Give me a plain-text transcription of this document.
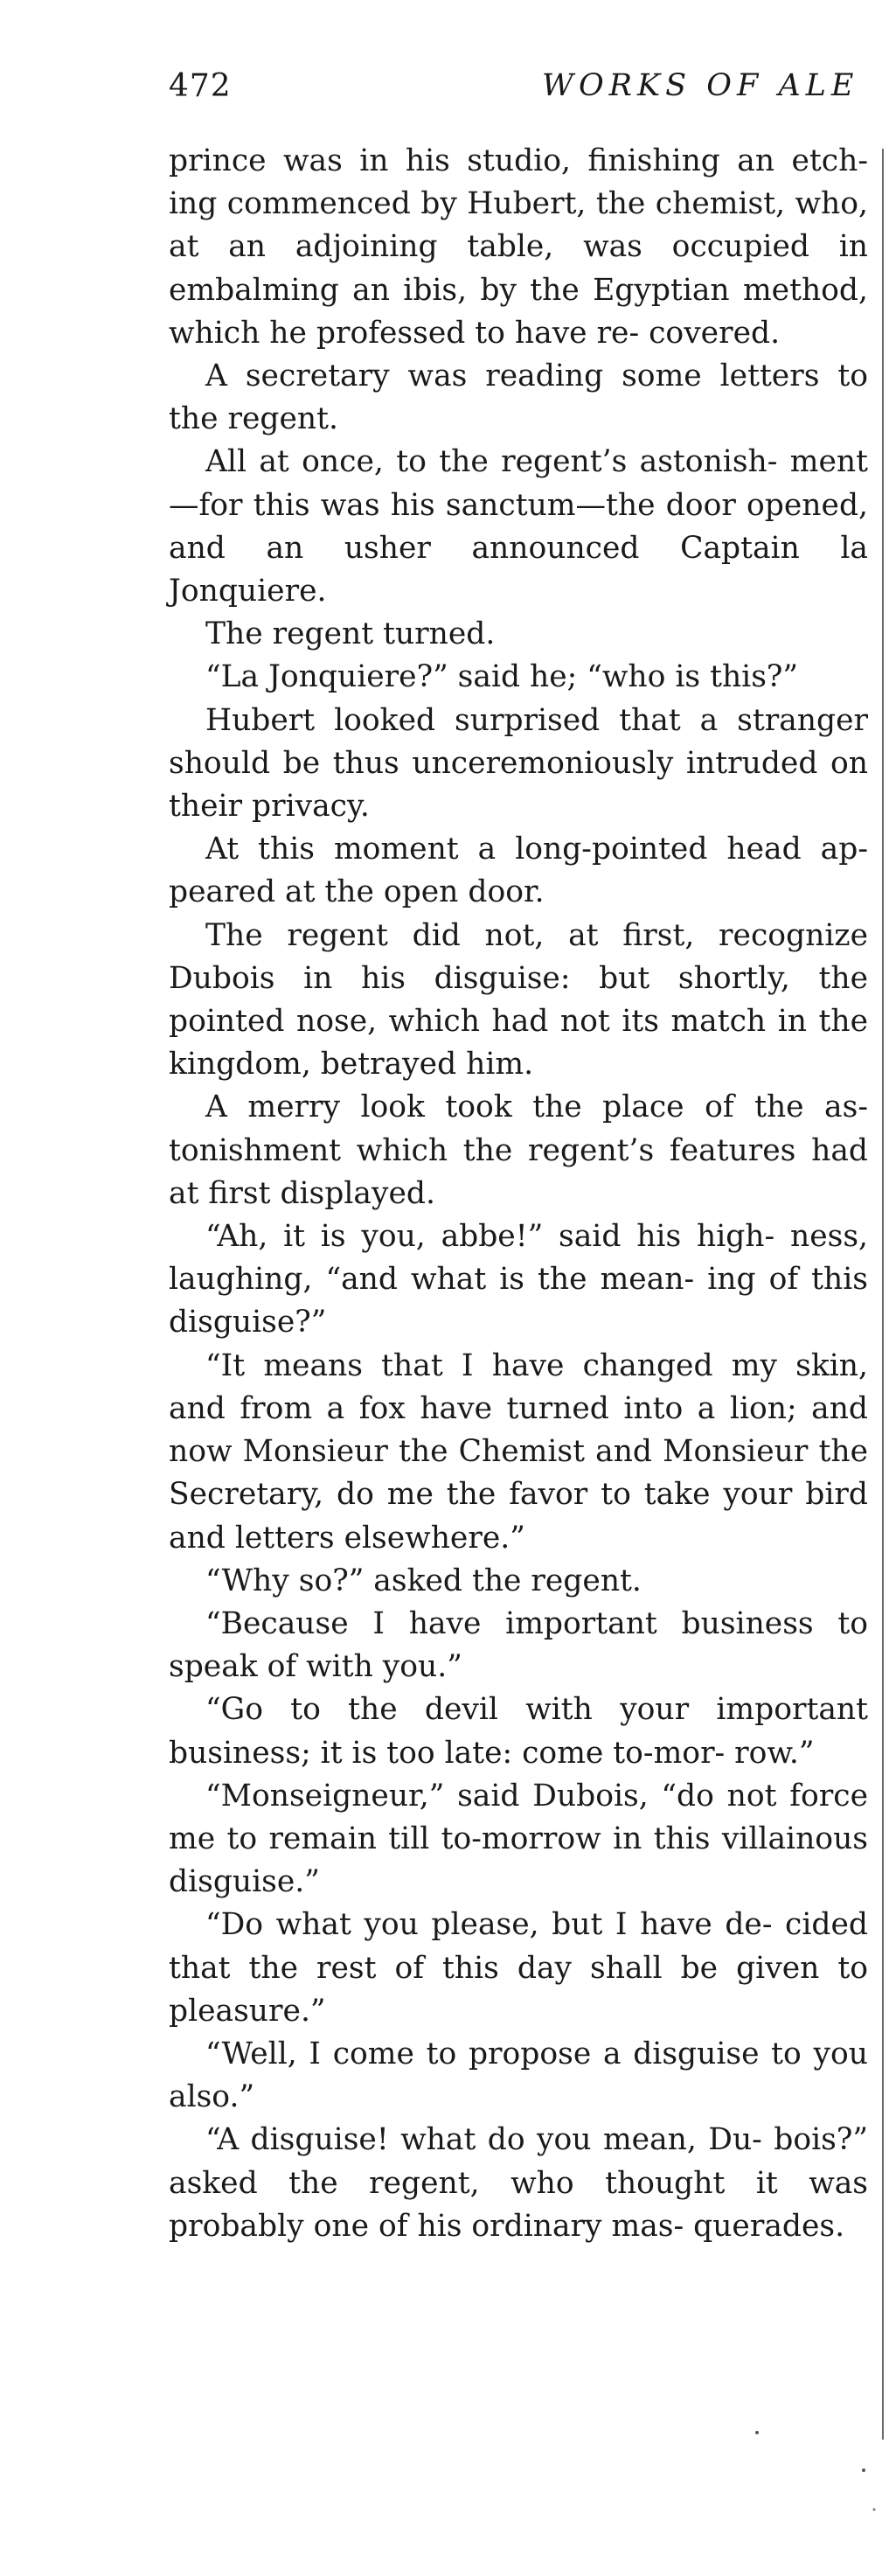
472	WORKS OF ALE

prince was in his studio, finishing an etch- ing commenced by Hubert, the chemist, who, at an adjoining table, was occupied in embalming an ibis, by the Egyptian method, which he professed to have re- covered.

A secretary was reading some letters to the regent.

All at once, to the regent’s astonish- ment—for this was his sanctum—the door opened, and an usher announced Captain la Jonquiere.

The regent turned.

“La Jonquiere?” said he; “who is this?”

Hubert looked surprised that a stranger should be thus unceremoniously intruded on their privacy.

At this moment a long-pointed head ap- peared at the open door.

The regent did not, at first, recognize Dubois in his disguise: but shortly, the pointed nose, which had not its match in the kingdom, betrayed him.

A merry look took the place of the as- tonishment which the regent’s features had at first displayed.

“Ah, it is you, abbe!” said his high- ness, laughing, “and what is the mean- ing of this disguise?”

“It means that I have changed my skin, and from a fox have turned into a lion; and now Monsieur the Chemist and Monsieur the Secretary, do me the favor to take your bird and letters elsewhere.”

“Why so?” asked the regent.

“Because I have important business to speak of with you.”

“Go to the devil with your important business; it is too late: come to-mor- row.”

“Monseigneur,” said Dubois, “do not force me to remain till to-morrow in this villainous disguise.”

“Do what you please, but I have de- cided that the rest of this day shall be given to pleasure.”

“Well, I come to propose a disguise to you also.”

“A disguise! what do you mean, Du- bois?” asked the regent, who thought it was probably one of his ordinary mas- querades.
